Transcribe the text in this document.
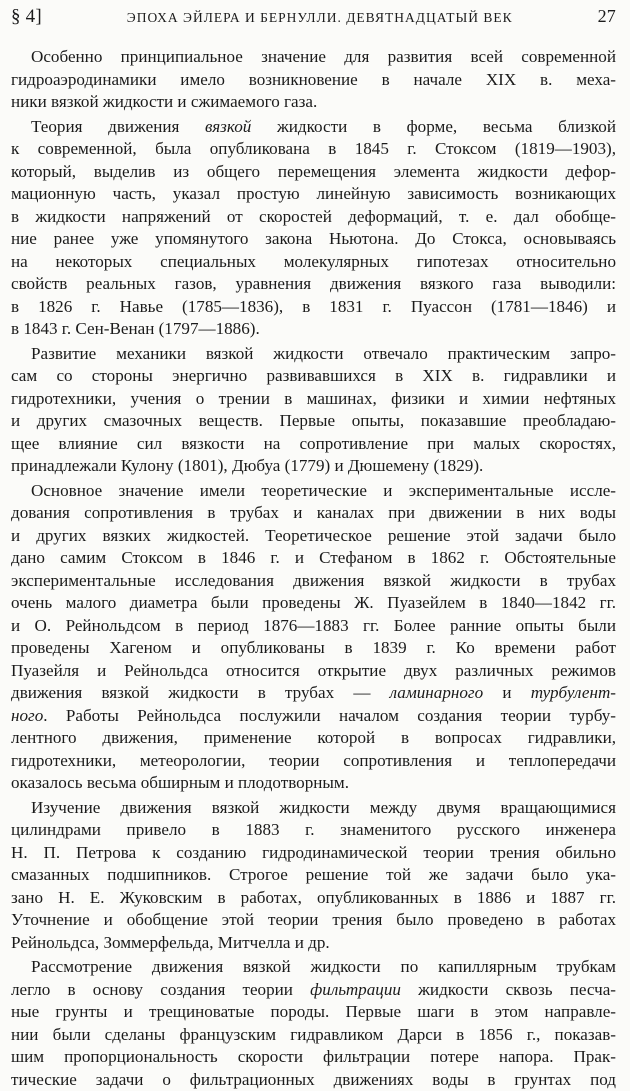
§ 4]	ЭПОХА ЭЙЛЕРА И БЕРНУЛЛИ. ДЕВЯТНАДЦАТЫЙ ВЕК	27
Особенно принципиальное значение для развития всей современной
гидроаэродинамики имело возникновение в начале XIX в. меха-
ники вязкой жидкости и сжимаемого газа.
Теория движения вязкой жидкости в форме, весьма близкой
к современной, была опубликована в 1845 г. Стоксом (1819—1903),
который, выделив из общего перемещения элемента жидкости дефор-
мационную часть, указал простую линейную зависимость возникающих
в жидкости напряжений от скоростей деформаций, т. е. дал обобще-
ние ранее уже упомянутого закона Ньютона. До Стокса, основываясь
на некоторых специальных молекулярных гипотезах относительно
свойств реальных газов, уравнения движения вязкого газа выводили:
в 1826 г. Навье (1785—1836), в 1831 г. Пуассон (1781—1846) и
в 1843 г. Сен-Венан (1797—1886).
Развитие механики вязкой жидкости отвечало практическим запро-
сам со стороны энергично развивавшихся в XIX в. гидравлики и
гидротехники, учения о трении в машинах, физики и химии нефтяных
и других смазочных веществ. Первые опыты, показавшие преобладаю-
щее влияние сил вязкости на сопротивление при малых скоростях,
принадлежали Кулону (1801), Дюбуа (1779) и Дюшемену (1829).
Основное значение имели теоретические и экспериментальные иссле-
дования сопротивления в трубах и каналах при движении в них воды
и других вязких жидкостей. Теоретическое решение этой задачи было
дано самим Стоксом в 1846 г. и Стефаном в 1862 г. Обстоятельные
экспериментальные исследования движения вязкой жидкости в трубах
очень малого диаметра были проведены Ж. Пуазейлем в 1840—1842 гг.
и О. Рейнольдсом в период 1876—1883 гг. Более ранние опыты были
проведены Хагеном и опубликованы в 1839 г. Ко времени работ
Пуазейля и Рейнольдса относится открытие двух различных режимов
движения вязкой жидкости в трубах — ламинарного и турбулент-
ного. Работы Рейнольдса послужили началом создания теории турбу-
лентного движения, применение которой в вопросах гидравлики,
гидротехники, метеорологии, теории сопротивления и теплопередачи
оказалось весьма обширным и плодотворным.
Изучение движения вязкой жидкости между двумя вращающимися
цилиндрами привело в 1883 г. знаменитого русского инженера
Н. П. Петрова к созданию гидродинамической теории трения обильно
смазанных подшипников. Строгое решение той же задачи было ука-
зано Н. Е. Жуковским в работах, опубликованных в 1886 и 1887 гг.
Уточнение и обобщение этой теории трения было проведено в работах
Рейнольдса, Зоммерфельда, Митчелла и др.
Рассмотрение движения вязкой жидкости по капиллярным трубкам
легло в основу создания теории фильтрации жидкости сквозь песча-
ные грунты и трещиноватые породы. Первые шаги в этом направле-
нии были сделаны французским гидравликом Дарси в 1856 г., показав-
шим пропорциональность скорости фильтрации потере напора. Прак-
тические задачи о фильтрационных движениях воды в грунтах под
